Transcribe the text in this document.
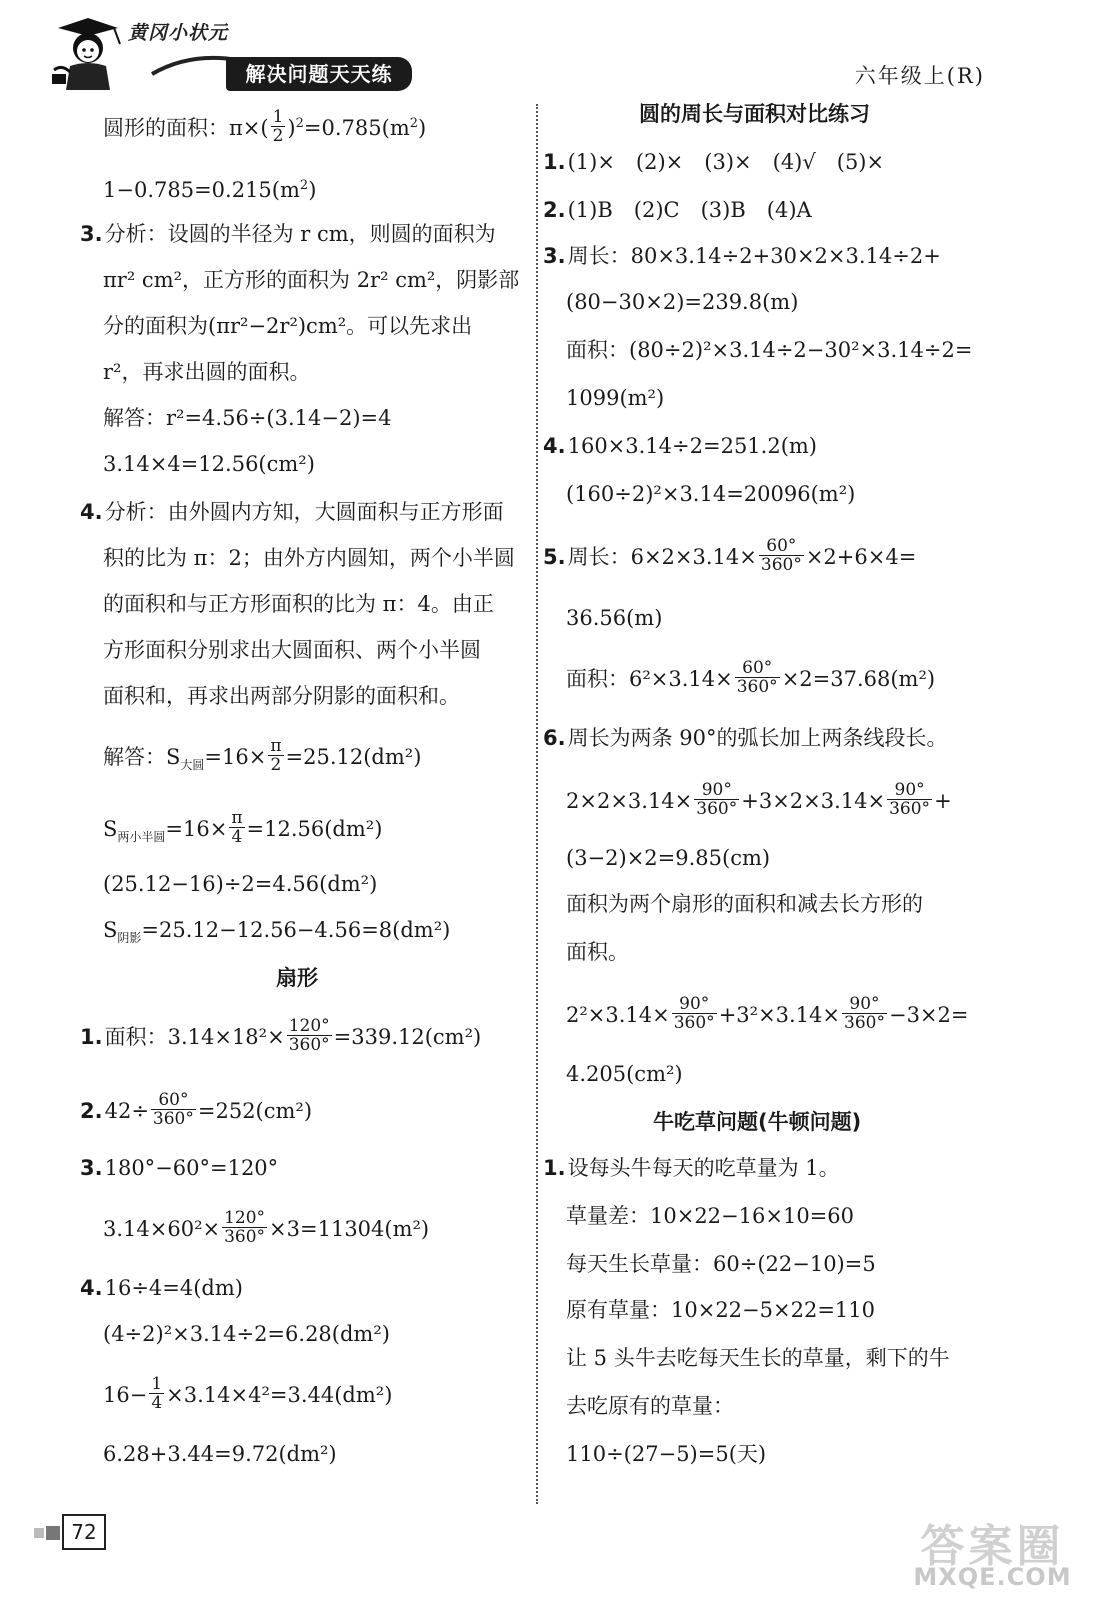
黄冈小状元
解决问题天天练	六年级上(R)
圆形的面积：$\pi\times( \frac{1}{2} )^2=0.785(m^2)$
$1-0.785=0.215(m^2)$
3.分析：设圆的半径为 r cm，则圆的面积为
πr² cm²，正方形的面积为 2r² cm²，阴影部
分的面积为(πr²−2r²)cm²。可以先求出
r²，再求出圆的面积。
解答：r²=4.56÷(3.14−2)=4
3.14×4=12.56(cm²)
4.分析：由外圆内方知，大圆面积与正方形面
积的比为 π：2；由外方内圆知，两个小半圆
的面积和与正方形面积的比为 π：4。由正
方形面积分别求出大圆面积、两个小半圆
面积和，再求出两部分阴影的面积和。
解答：$S_{大圆}=16\times \frac{\pi}{2} =25.12(dm^2)$
$S_{两小半圆}=16\times \frac{\pi}{4} =12.56(dm^2)$
(25.12−16)÷2=4.56(dm²)
$S_{阴影}=25.12-12.56-4.56=8(dm^2)$
扇形
1.面积：$3.14\times 18^2\times \frac{120^\circ}{360^\circ} =339.12(cm^2)$
$2.42\div \frac{60^\circ}{360^\circ} =252(cm^2)$
3.180°−60°=120°
$3.14\times 60^2\times \frac{120^\circ}{360^\circ} \times 3=11304(m^2)$
4.16÷4=4(dm)
(4÷2)²×3.14÷2=6.28(dm²)
$16- \frac{1}{4} \times 3.14\times 4^2=3.44(dm^2)$
6.28+3.44=9.72(dm²)
圆的周长与面积对比练习
1.(1)×　(2)×　(3)×　(4)√　(5)×
2.(1)B　(2)C　(3)B　(4)A
3.周长：80×3.14÷2+30×2×3.14÷2+
(80−30×2)=239.8(m)
面积：(80÷2)²×3.14÷2−30²×3.14÷2=
1099(m²)
4.160×3.14÷2=251.2(m)
(160÷2)²×3.14=20096(m²)
5.周长：$6\times 2\times 3.14\times \frac{60^\circ}{360^\circ} \times 2+6\times 4=$
36.56(m)
面积：$6^2\times 3.14\times \frac{60^\circ}{360^\circ} \times 2=37.68(m^2)$
6.周长为两条 90°的弧长加上两条线段长。
$2\times 2\times 3.14\times \frac{90^\circ}{360^\circ} +3\times 2\times 3.14\times \frac{90^\circ}{360^\circ}$ +
(3−2)×2=9.85(cm)
面积为两个扇形的面积和减去长方形的
面积。
$2^2\times 3.14\times \frac{90^\circ}{360^\circ} +3^2\times 3.14\times \frac{90^\circ}{360^\circ} -3\times 2=$
4.205(cm²)
牛吃草问题(牛顿问题)
1.设每头牛每天的吃草量为 1。
草量差：10×22−16×10=60
每天生长草量：60÷(22−10)=5
原有草量：10×22−5×22=110
让 5 头牛去吃每天生长的草量，剩下的牛
去吃原有的草量：
110÷(27−5)=5(天)
72	答案圈
MXQE.COM
